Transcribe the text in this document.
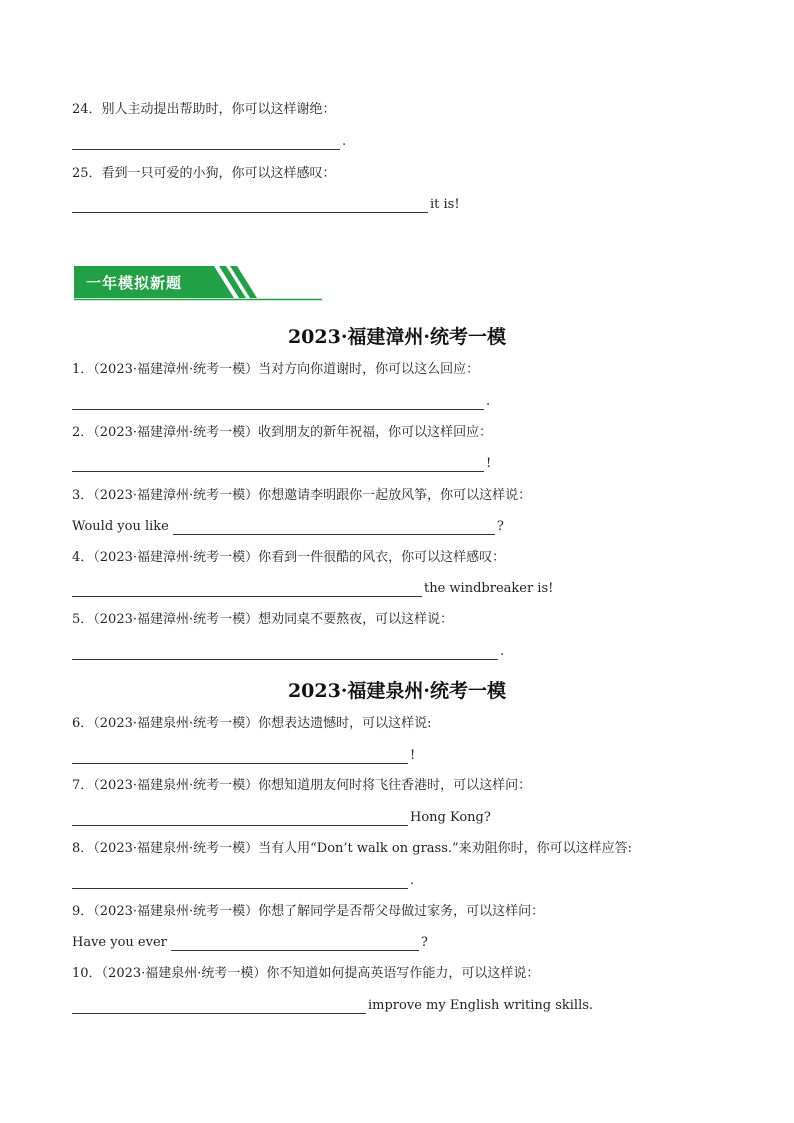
24．别人主动提出帮助时，你可以这样谢绝：
.
25．看到一只可爱的小狗，你可以这样感叹：
it is!
一年模拟新题
2023·福建漳州·统考一模
1．（2023·福建漳州·统考一模）当对方向你道谢时，你可以这么回应：
.
2．（2023·福建漳州·统考一模）收到朋友的新年祝福，你可以这样回应：
!
3．（2023·福建漳州·统考一模）你想邀请李明跟你一起放风筝，你可以这样说：
Would you like	?
4．（2023·福建漳州·统考一模）你看到一件很酷的风衣，你可以这样感叹：
the windbreaker is!
5．（2023·福建漳州·统考一模）想劝同桌不要熬夜，可以这样说：
.
2023·福建泉州·统考一模
6．（2023·福建泉州·统考一模）你想表达遗憾时，可以这样说:
!
7．（2023·福建泉州·统考一模）你想知道朋友何时将飞往香港时，可以这样问：
Hong Kong?
8．（2023·福建泉州·统考一模）当有人用“Don’t walk on grass.”来劝阻你时，你可以这样应答:
.
9．（2023·福建泉州·统考一模）你想了解同学是否帮父母做过家务，可以这样问：
Have you ever	?
10．（2023·福建泉州·统考一模）你不知道如何提高英语写作能力，可以这样说：
improve my English writing skills.
